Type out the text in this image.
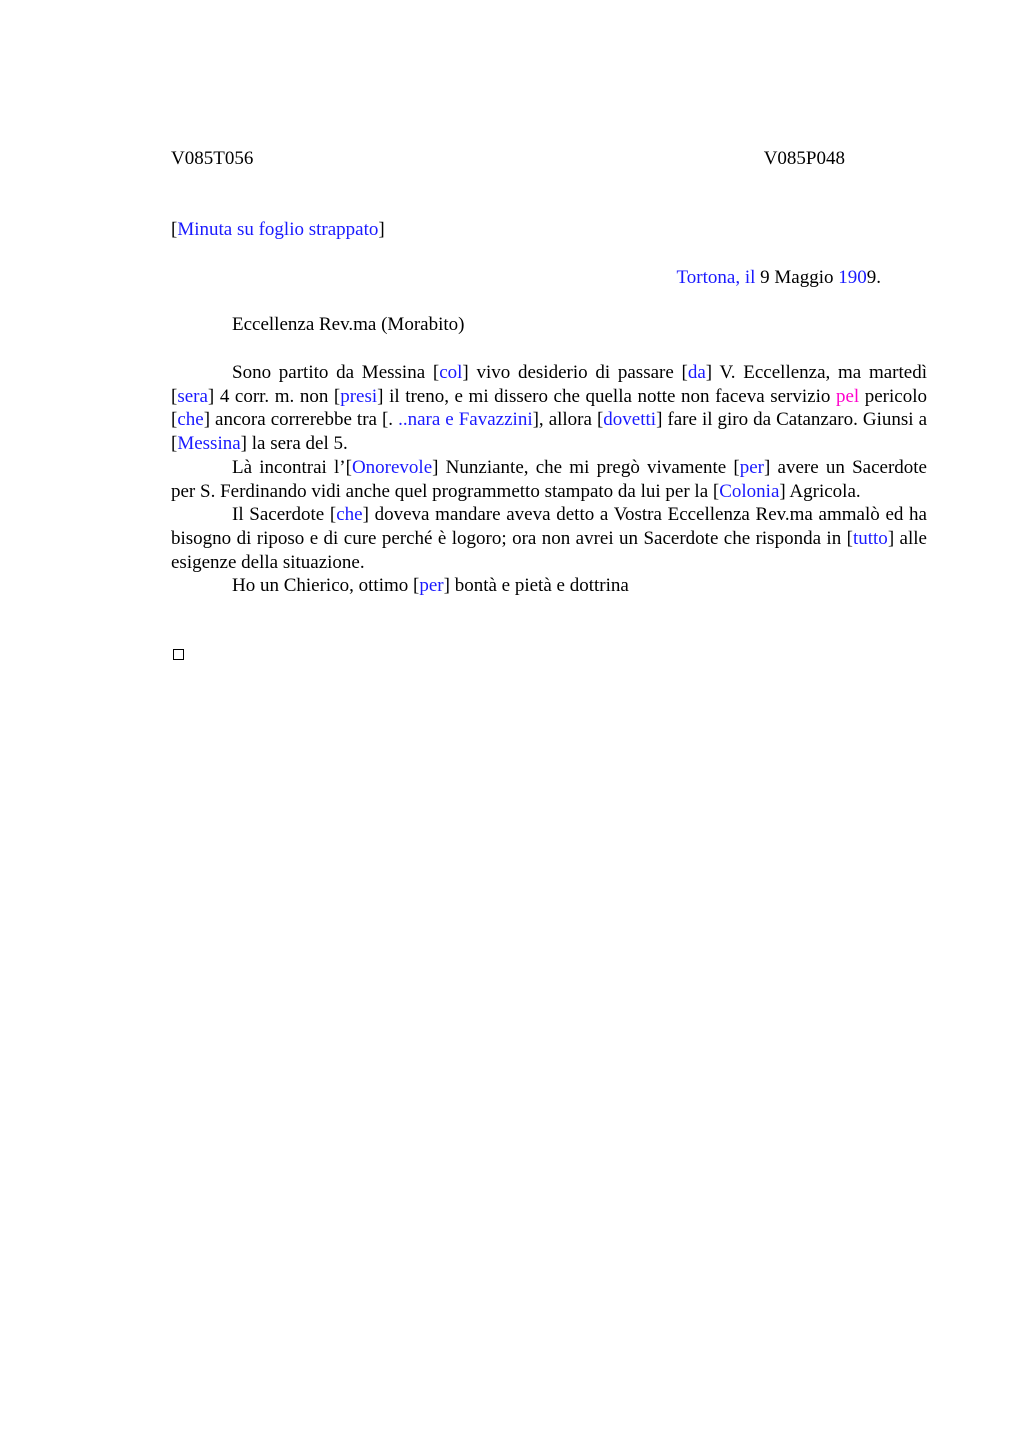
V085T056	V085P048
[Minuta su foglio strappato]
Tortona, il 9 Maggio 1909.
Eccellenza Rev.ma (Morabito)

Sono partito da Messina [col] vivo desiderio di passare [da] V. Eccellenza, ma martedì [sera] 4 corr. m. non [presi] il treno, e mi dissero che quella notte non faceva servizio pel pericolo [che] ancora correrebbe tra [. ..nara e Favazzini], allora [dovetti] fare il giro da Catanzaro. Giunsi a [Messina] la sera del 5.

Là incontrai l’[Onorevole] Nunziante, che mi pregò vivamente [per] avere un Sacerdote per S. Ferdinando vidi anche quel programmetto stampato da lui per la [Colonia] Agricola.

Il Sacerdote [che] doveva mandare aveva detto a Vostra Eccellenza Rev.ma ammalò ed ha bisogno di riposo e di cure perché è logoro; ora non avrei un Sacerdote che risponda in [tutto] alle esigenze della situazione.

Ho un Chierico, ottimo [per] bontà e pietà e dottrina
